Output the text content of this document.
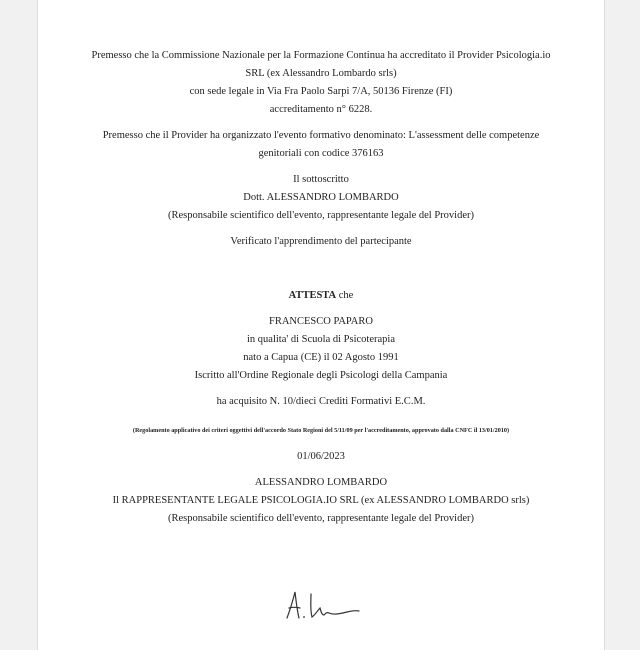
Premesso che la Commissione Nazionale per la Formazione Continua ha accreditato il Provider Psicologia.io
SRL (ex Alessandro Lombardo srls)
con sede legale in Via Fra Paolo Sarpi 7/A, 50136 Firenze (FI)
accreditamento n° 6228.
Premesso che il Provider ha organizzato l'evento formativo denominato: L'assessment delle competenze
genitoriali con codice 376163
Il sottoscritto
Dott. ALESSANDRO LOMBARDO
(Responsabile scientifico dell'evento, rappresentante legale del Provider)
Verificato l'apprendimento del partecipante
ATTESTA che
FRANCESCO PAPARO
in qualita' di Scuola di Psicoterapia
nato a Capua (CE) il 02 Agosto 1991
Iscritto all'Ordine Regionale degli Psicologi della Campania
ha acquisito N. 10/dieci Crediti Formativi E.C.M.
(Regolamento applicativo dei criteri oggettivi dell'accordo Stato Regioni del 5/11/09 per l'accreditamento, approvato dalla CNFC il 13/01/2010)
01/06/2023
ALESSANDRO LOMBARDO
Il RAPPRESENTANTE LEGALE PSICOLOGIA.IO SRL (ex ALESSANDRO LOMBARDO srls)
(Responsabile scientifico dell'evento, rappresentante legale del Provider)
